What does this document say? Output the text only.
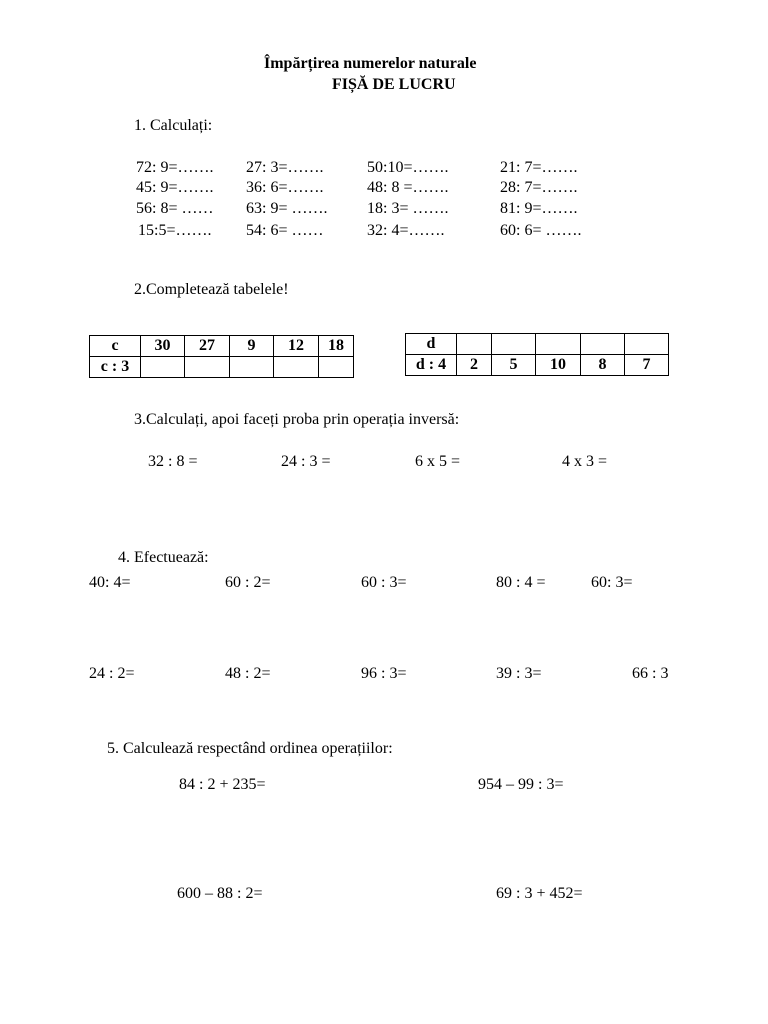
Împărțirea numerelor naturale
FIȘĂ DE LUCRU
1. Calculați:
72: 9=……. 27: 3=…….	50:10=…….	21: 7=…….
45: 9=……. 36: 6=…….	48: 8 =…….	28: 7=…….
56: 8= …… 63: 9= ……. 18: 3= …….	81: 9=…….
15:5=……. 54: 6= ……	32: 4=…….	60: 6= …….
2.Completează tabelele!
c	30	27	9	12	18
c : 3					
d					
d : 4	2	5	10	8	7
3.Calculați, apoi faceți proba prin operația inversă:
32 : 8 =	24 : 3 =	6 x 5 =	4 x 3 =
4. Efectuează:
40: 4=	60 : 2=	60 : 3=	80 : 4 =	60: 3=
24 : 2=	48 : 2=	96 : 3=	39 : 3=	66 : 3
5. Calculează respectând ordinea operațiilor:
84 : 2 + 235=	954 – 99 : 3=
600 – 88 : 2=	69 : 3 + 452=
